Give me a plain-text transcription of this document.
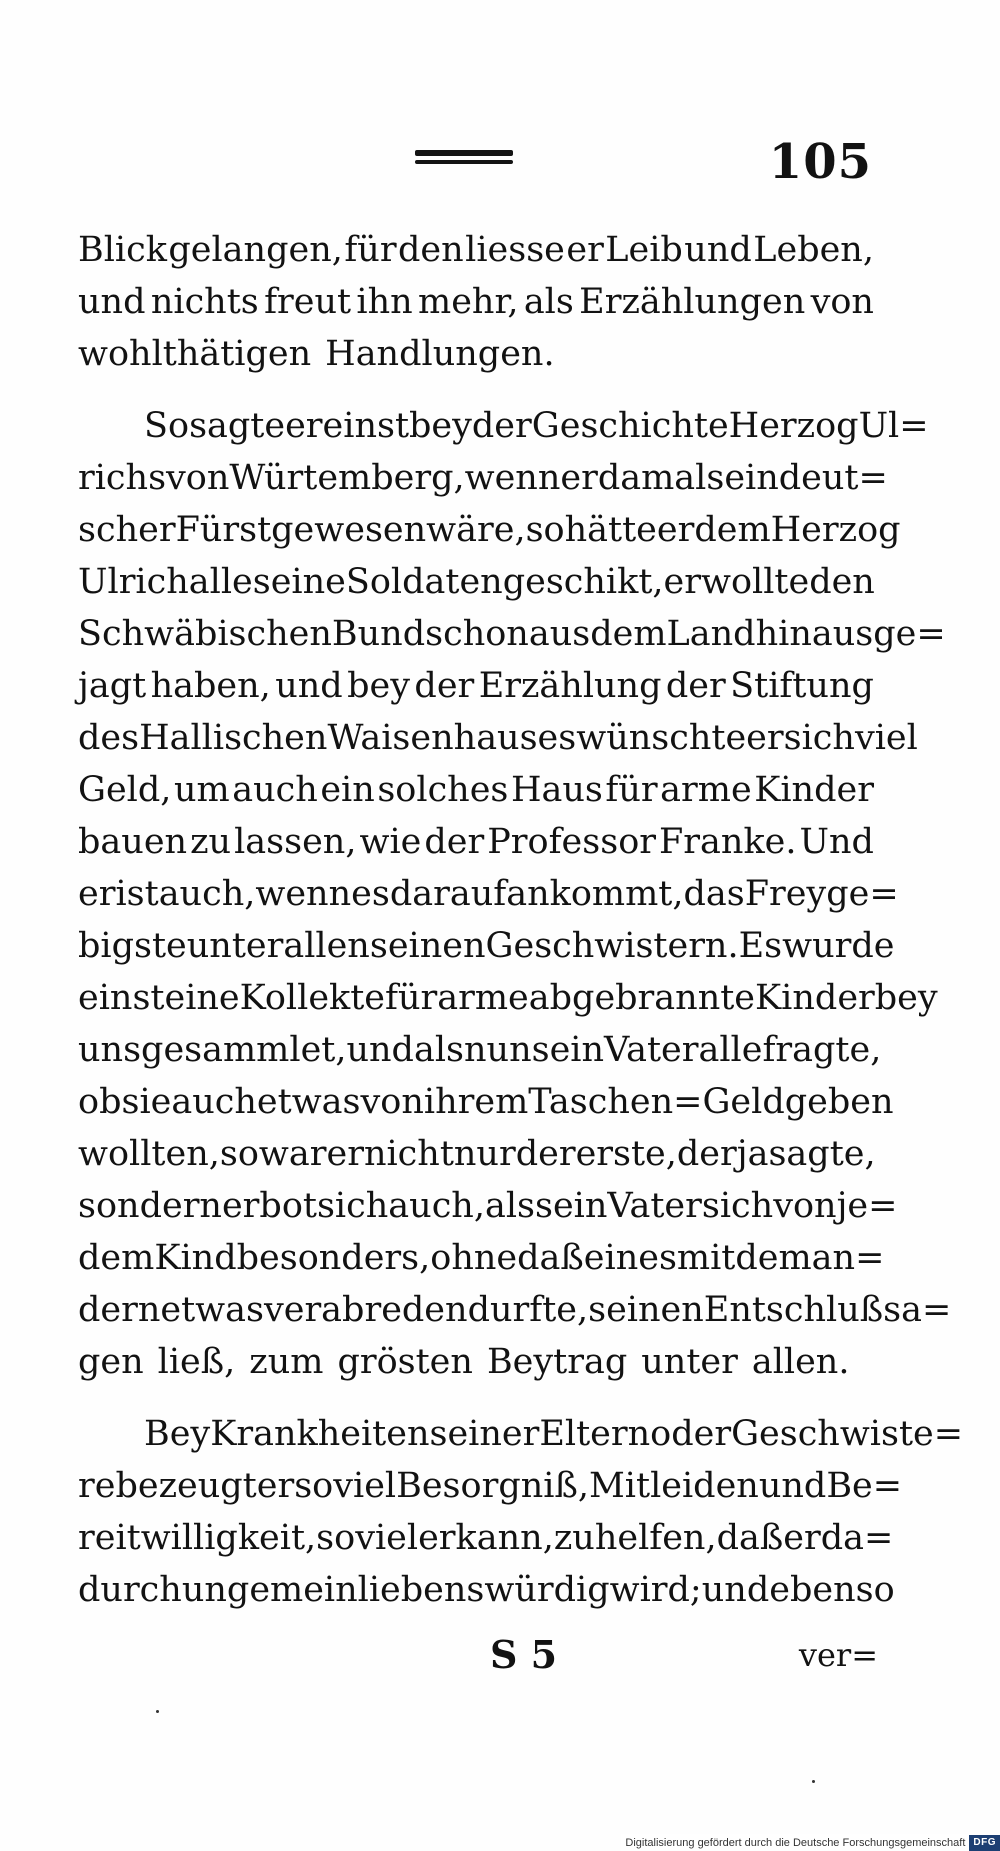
105
Blick gelangen, für den liesse er Leib und Leben,
und nichts freut ihn mehr, als Erzählungen von
wohlthätigen Handlungen.
So sagte er einst bey der Geschichte Herzog Ul=
richs von Würtemberg, wenn er damals ein deut=
scher Fürst gewesen wäre, so hätte er dem Herzog
Ulrich alle seine Soldaten geschikt, er wollte den
Schwäbischen Bund schon aus dem Land hinaus ge=
jagt haben, und bey der Erzählung der Stiftung
des Hallischen Waisenhauses wünschte er sich viel
Geld, um auch ein solches Haus für arme Kinder
bauen zu lassen, wie der Professor Franke. Und
er ist auch, wenn es darauf ankommt, das Freyge=
bigste unter allen seinen Geschwistern. Es wurde
einst eine Kollekte für arme abgebrannte Kinder bey
uns gesammlet, und als nun sein Vater alle fragte,
ob sie auch etwas von ihrem Taschen = Geld geben
wollten, so war er nicht nur der erste, der ja sagte,
sondern erbot sich auch, als sein Vater sich von je=
dem Kind besonders, ohne daß eines mit dem an=
dern etwas verabreden durfte, seinen Entschluß sa=
gen ließ, zum grösten Beytrag unter allen.
Bey Krankheiten seiner Eltern oder Geschwiste=
re bezeugt er so viel Besorgniß, Mitleiden und Be=
reitwilligkeit, so viel er kann, zu helfen, daß er da=
durch ungemein liebenswürdig wird; und eben so
S 5	ver=
Digitalisierung gefördert durch die Deutsche Forschungsgemeinschaft DFG
